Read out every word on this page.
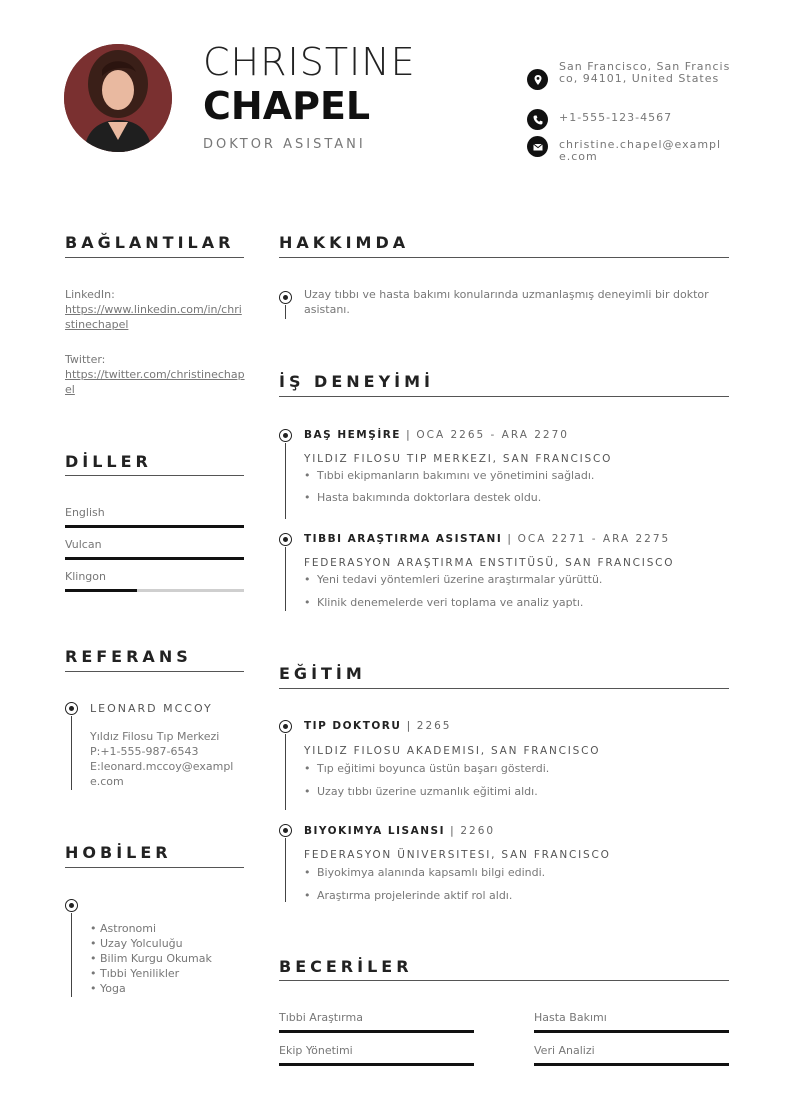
CHRISTINE
CHAPEL
DOKTOR ASISTANI
San Francisco, San Francisco, 94101, United States
+1-555-123-4567
christine.chapel@example.com
BAĞLANTILAR
LinkedIn:
https://www.linkedin.com/in/christinechapel
Twitter:
https://twitter.com/christinechapel
DİLLER
English
Vulcan
Klingon
REFERANS
LEONARD MCCOY
Yıldız Filosu Tıp Merkezi
P:+1-555-987-6543
E:leonard.mccoy@example.com
HOBİLER
• Astronomi
• Uzay Yolculuğu
• Bilim Kurgu Okumak
• Tıbbi Yenilikler
• Yoga
HAKKIMDA
Uzay tıbbı ve hasta bakımı konularında uzmanlaşmış deneyimli bir doktor asistanı.
İŞ DENEYİMİ
BAŞ HEMŞİRE | OCA 2265 - ARA 2270
YILDIZ FILOSU TIP MERKEZI, SAN FRANCISCO
• Tıbbi ekipmanların bakımını ve yönetimini sağladı.
• Hasta bakımında doktorlara destek oldu.
TIBBI ARAŞTIRMA ASISTANI | OCA 2271 - ARA 2275
FEDERASYON ARAŞTIRMA ENSTITÜSÜ, SAN FRANCISCO
• Yeni tedavi yöntemleri üzerine araştırmalar yürüttü.
• Klinik denemelerde veri toplama ve analiz yaptı.
EĞİTİM
TIP DOKTORU | 2265
YILDIZ FILOSU AKADEMISI, SAN FRANCISCO
• Tıp eğitimi boyunca üstün başarı gösterdi.
• Uzay tıbbı üzerine uzmanlık eğitimi aldı.
BIYOKIMYA LISANSI | 2260
FEDERASYON ÜNIVERSITESI, SAN FRANCISCO
• Biyokimya alanında kapsamlı bilgi edindi.
• Araştırma projelerinde aktif rol aldı.
BECERİLER
Tıbbi Araştırma	Hasta Bakımı
Ekip Yönetimi	Veri Analizi
